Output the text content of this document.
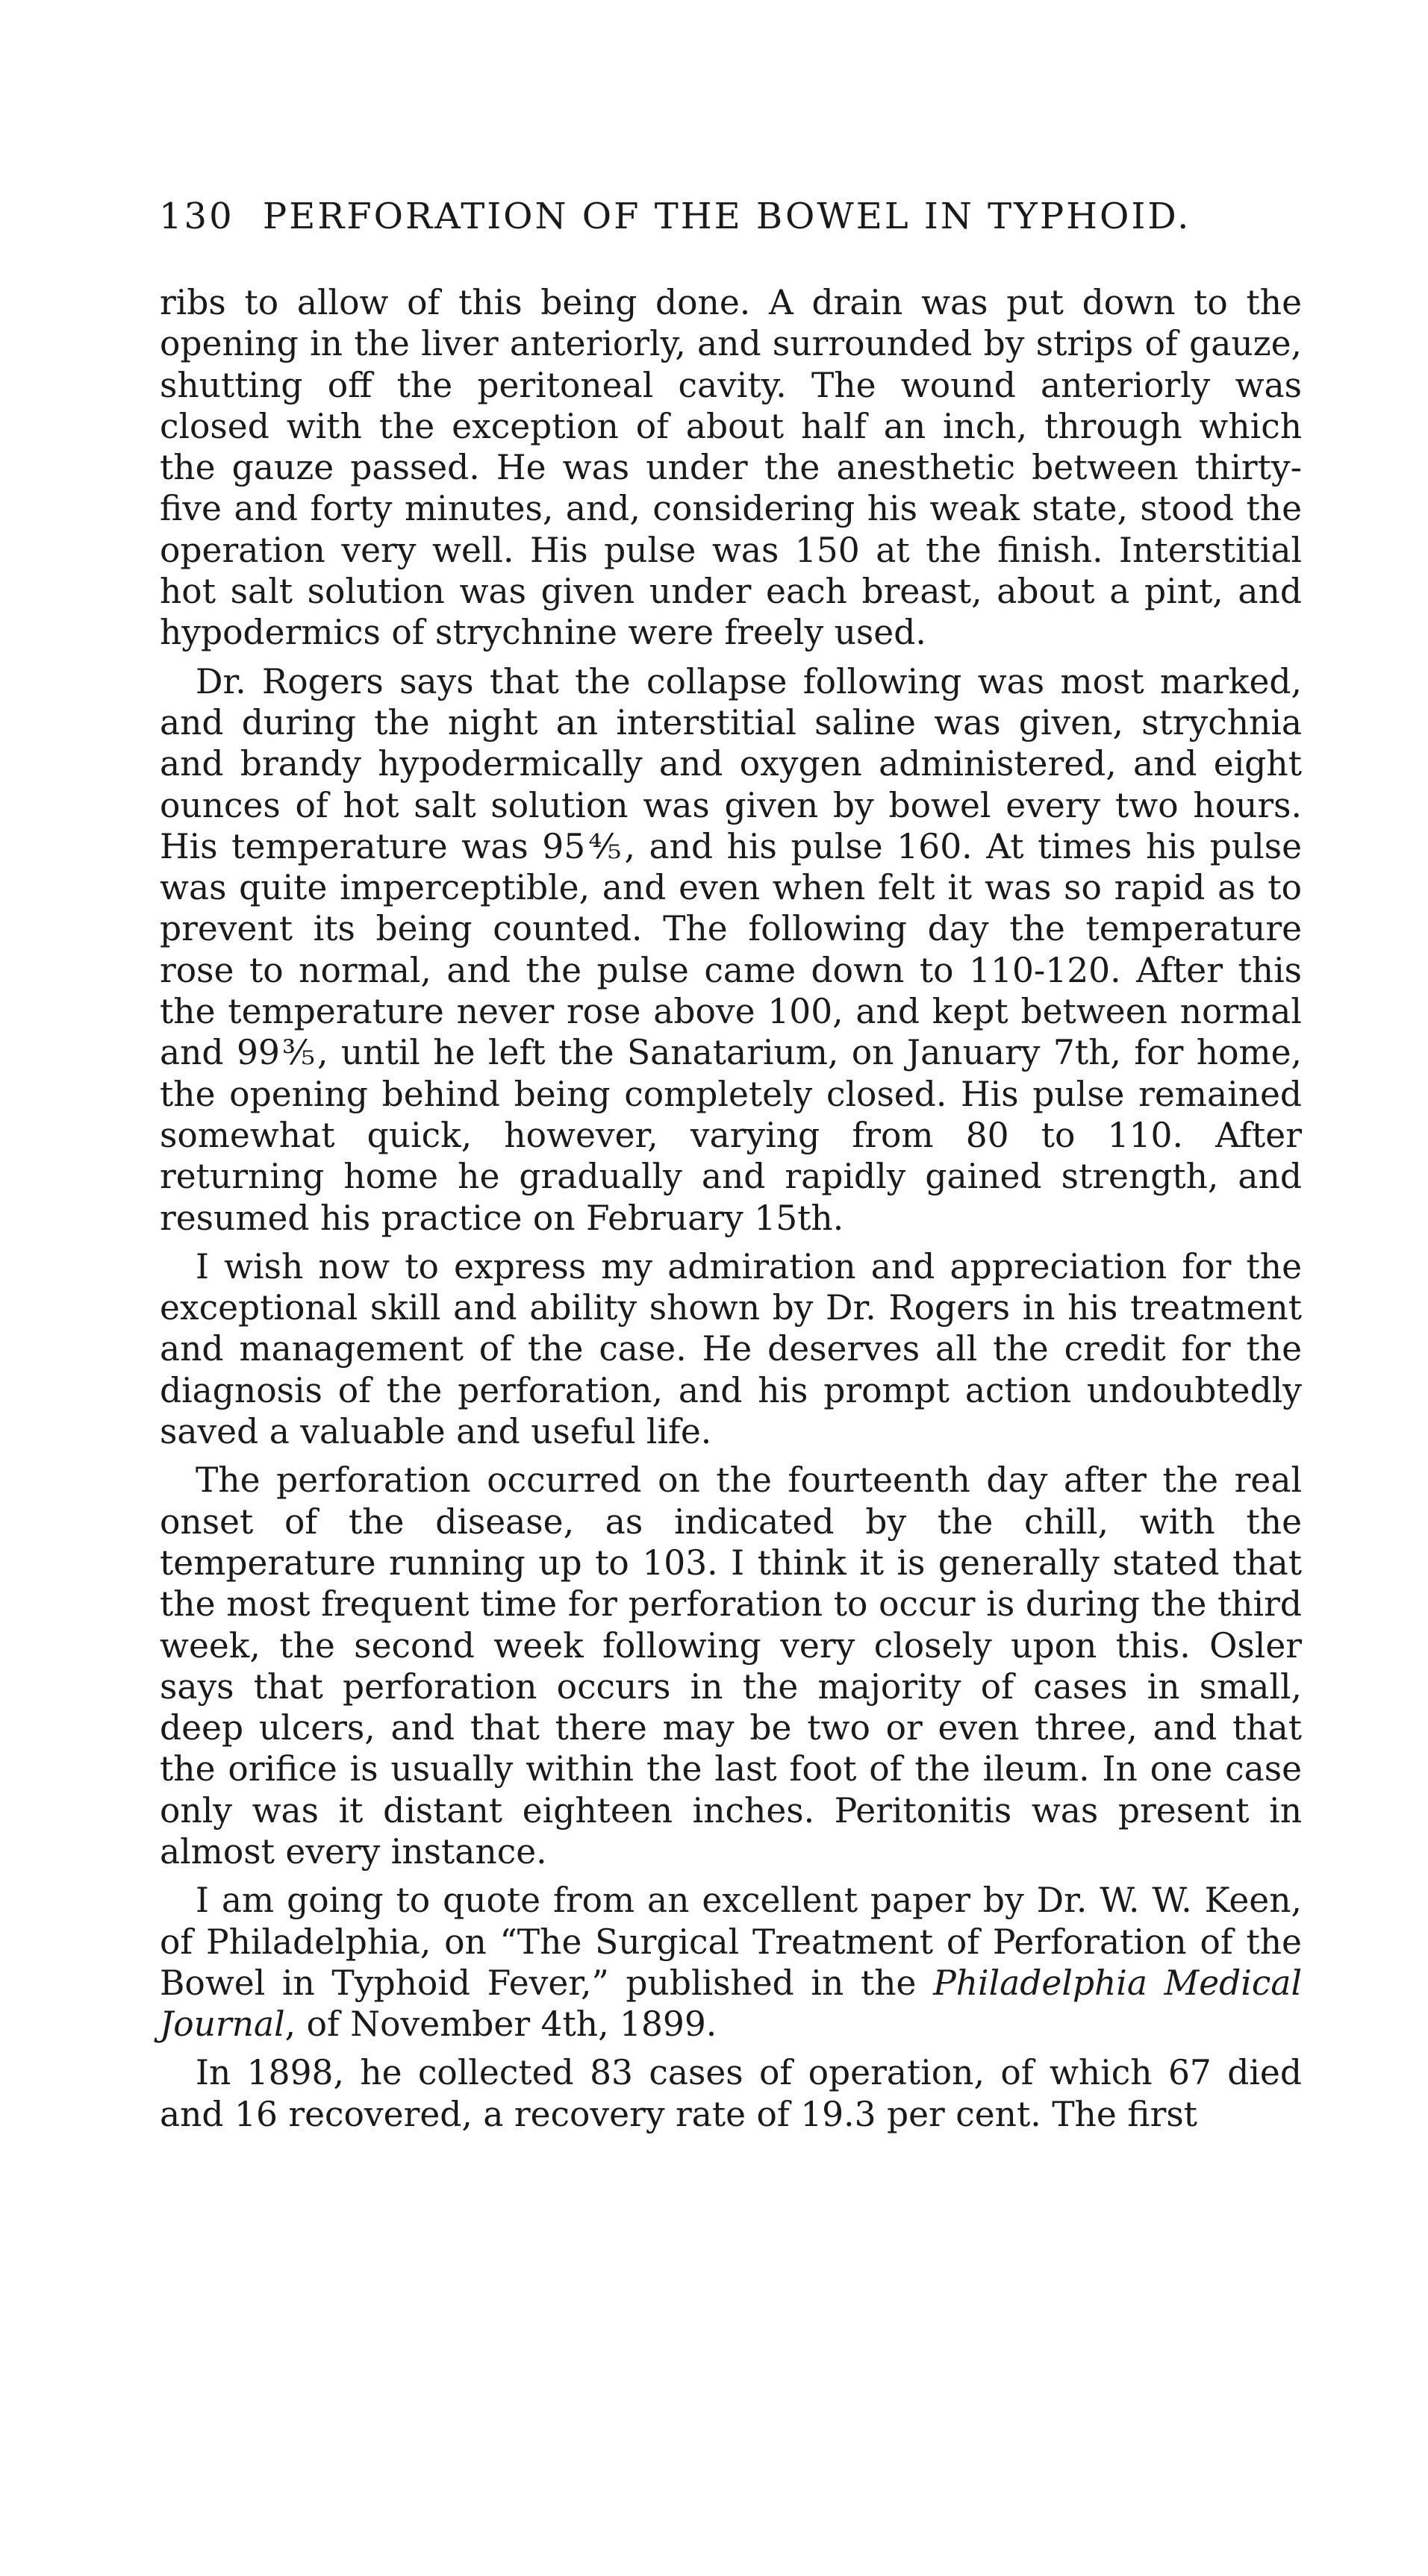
130 PERFORATION OF THE BOWEL IN TYPHOID.

ribs to allow of this being done. A drain was put down to the opening in the liver anteriorly, and surrounded by strips of gauze, shutting off the peritoneal cavity. The wound anteriorly was closed with the exception of about half an inch, through which the gauze passed. He was under the anesthetic between thirty-five and forty minutes, and, considering his weak state, stood the operation very well. His pulse was 150 at the finish. Interstitial hot salt solution was given under each breast, about a pint, and hypodermics of strychnine were freely used.

Dr. Rogers says that the collapse following was most marked, and during the night an interstitial saline was given, strychnia and brandy hypodermically and oxygen administered, and eight ounces of hot salt solution was given by bowel every two hours. His temperature was 95⅘, and his pulse 160. At times his pulse was quite imperceptible, and even when felt it was so rapid as to prevent its being counted. The following day the temperature rose to normal, and the pulse came down to 110-120. After this the temperature never rose above 100, and kept between normal and 99⅗, until he left the Sanatarium, on January 7th, for home, the opening behind being completely closed. His pulse remained somewhat quick, however, varying from 80 to 110. After returning home he gradually and rapidly gained strength, and resumed his practice on February 15th.

I wish now to express my admiration and appreciation for the exceptional skill and ability shown by Dr. Rogers in his treatment and management of the case. He deserves all the credit for the diagnosis of the perforation, and his prompt action undoubtedly saved a valuable and useful life.

The perforation occurred on the fourteenth day after the real onset of the disease, as indicated by the chill, with the temperature running up to 103. I think it is generally stated that the most frequent time for perforation to occur is during the third week, the second week following very closely upon this. Osler says that perforation occurs in the majority of cases in small, deep ulcers, and that there may be two or even three, and that the orifice is usually within the last foot of the ileum. In one case only was it distant eighteen inches. Peritonitis was present in almost every instance.

I am going to quote from an excellent paper by Dr. W. W. Keen, of Philadelphia, on “The Surgical Treatment of Perforation of the Bowel in Typhoid Fever,” published in the Philadelphia Medical Journal, of November 4th, 1899.

In 1898, he collected 83 cases of operation, of which 67 died and 16 recovered, a recovery rate of 19.3 per cent. The first
